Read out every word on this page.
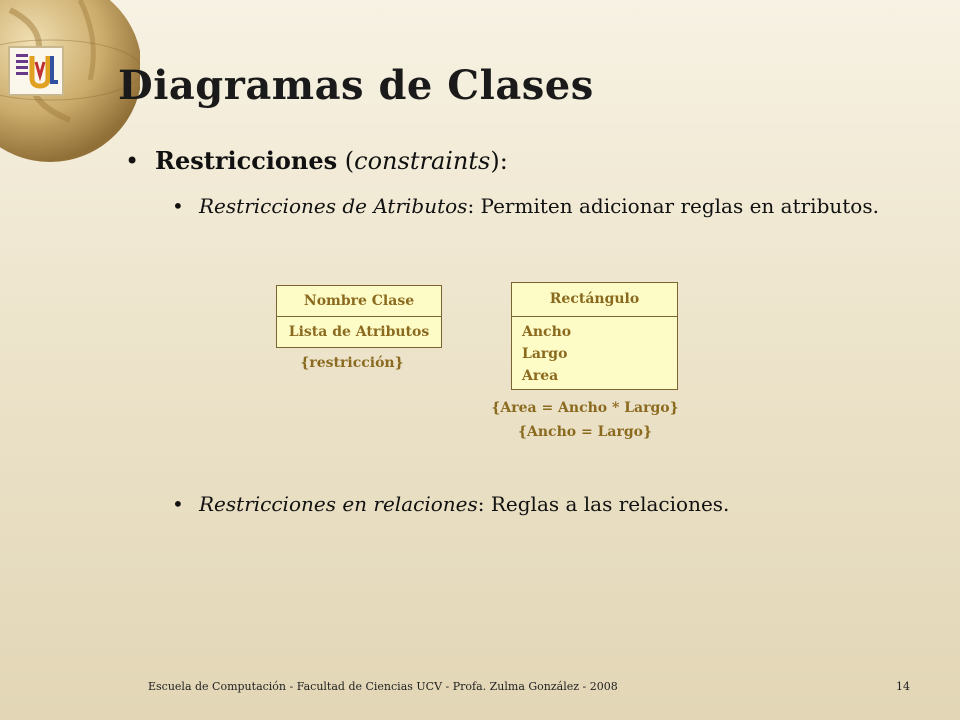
Diagramas de Clases
• Restricciones (constraints):
• Restricciones de Atributos: Permiten adicionar reglas en atributos.
Nombre Clase
Lista de Atributos
{restricción}
Rectángulo
Ancho
Largo
Area
{Area = Ancho * Largo}
{Ancho = Largo}
• Restricciones en relaciones: Reglas a las relaciones.
Escuela de Computación - Facultad de Ciencias UCV - Profa. Zulma González - 2008	14
